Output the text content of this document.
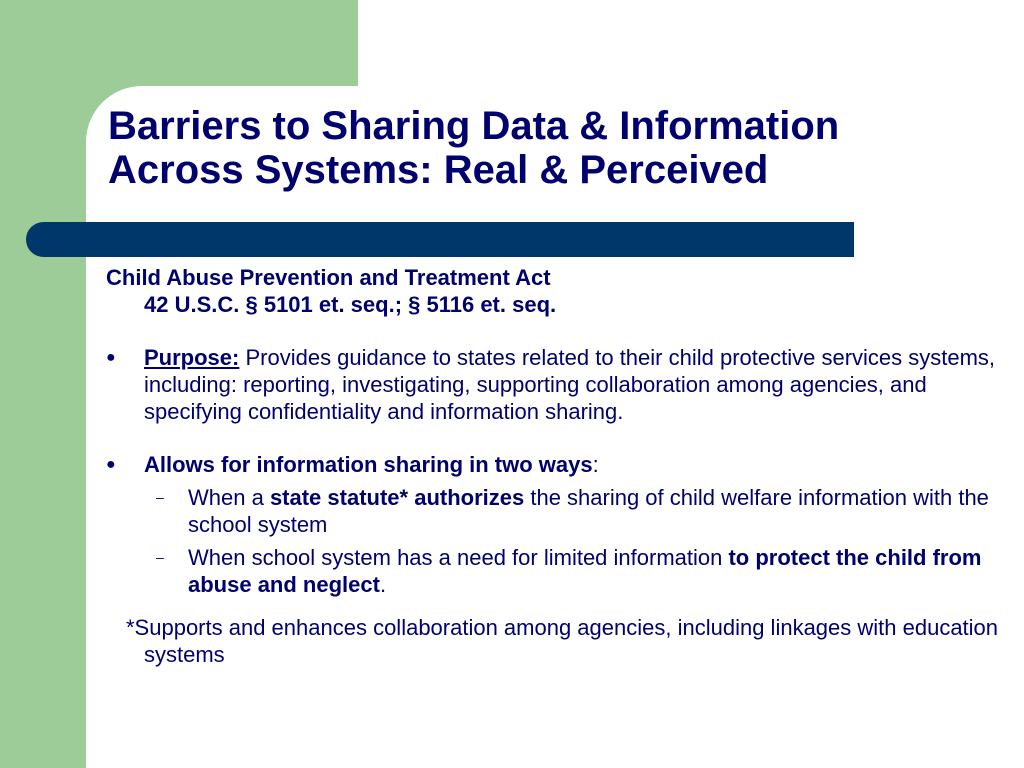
Barriers to Sharing Data & Information
Across Systems: Real & Perceived

Child Abuse Prevention and Treatment Act

42 U.S.C. § 5101 et. seq.; § 5116 et. seq.

● Purpose: Provides guidance to states related to their child protective services systems, including: reporting, investigating, supporting collaboration among agencies, and specifying confidentiality and information sharing.
● Allows for information sharing in two ways:
– When a state statute* authorizes the sharing of child welfare information with the school system
– When school system has a need for limited information to protect the child from abuse and neglect.
*Supports and enhances collaboration among agencies, including linkages with education systems
